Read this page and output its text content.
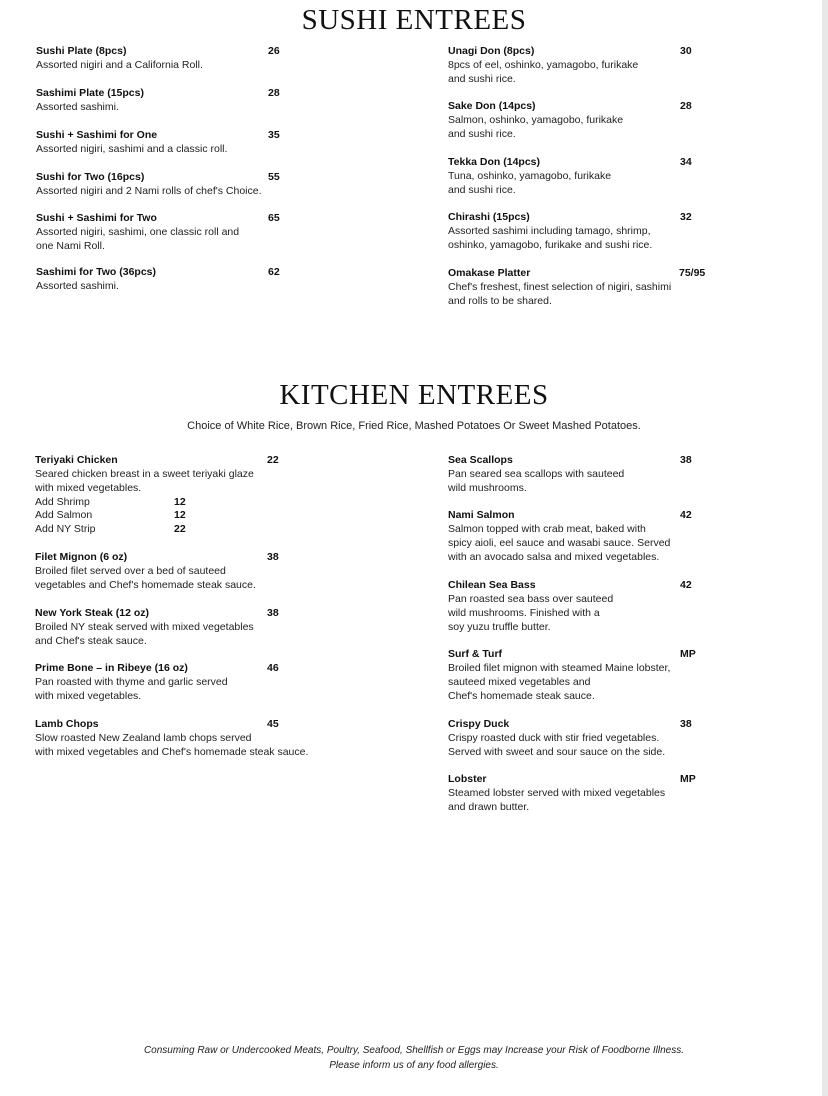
SUSHI ENTREES
Sushi Plate (8pcs)
Assorted nigiri and a California Roll.
26
Sashimi Plate (15pcs)
Assorted sashimi.
28
Sushi + Sashimi for One
Assorted nigiri, sashimi and a classic roll.
35
Sushi for Two (16pcs)
Assorted nigiri and 2 Nami rolls of chef's Choice.
55
Sushi + Sashimi for Two
Assorted nigiri, sashimi, one classic roll and
one Nami Roll.
65
Sashimi for Two (36pcs)
Assorted sashimi.
62
Unagi Don (8pcs)
8pcs of eel, oshinko, yamagobo, furikake
and sushi rice.
30
Sake Don (14pcs)
Salmon, oshinko, yamagobo, furikake
and sushi rice.
28
Tekka Don (14pcs)
Tuna, oshinko, yamagobo, furikake
and sushi rice.
34
Chirashi (15pcs)
Assorted sashimi including tamago, shrimp,
oshinko, yamagobo, furikake and sushi rice.
32
Omakase Platter
Chef's freshest, finest selection of nigiri, sashimi
and rolls to be shared.
75/95
KITCHEN ENTREES
Choice of White Rice, Brown Rice, Fried Rice, Mashed Potatoes Or Sweet Mashed Potatoes.
Teriyaki Chicken
Seared chicken breast in a sweet teriyaki glaze
with mixed vegetables.
22
Add Shrimp	12
Add Salmon	12
Add NY Strip	22
Filet Mignon (6 oz)
Broiled filet served over a bed of sauteed
vegetables and Chef's homemade steak sauce.
38
New York Steak (12 oz)
Broiled NY steak served with mixed vegetables
and Chef's steak sauce.
38
Prime Bone – in Ribeye (16 oz)
Pan roasted with thyme and garlic served
with mixed vegetables.
46
Lamb Chops
Slow roasted New Zealand lamb chops served
with mixed vegetables and Chef's homemade steak sauce.
45
Sea Scallops
Pan seared sea scallops with sauteed
wild mushrooms.
38
Nami Salmon
Salmon topped with crab meat, baked with
spicy aioli, eel sauce and wasabi sauce. Served
with an avocado salsa and mixed vegetables.
42
Chilean Sea Bass
Pan roasted sea bass over sauteed
wild mushrooms. Finished with a
soy yuzu truffle butter.
42
Surf & Turf
Broiled filet mignon with steamed Maine lobster,
sauteed mixed vegetables and
Chef's homemade steak sauce.
MP
Crispy Duck
Crispy roasted duck with stir fried vegetables.
Served with sweet and sour sauce on the side.
38
Lobster
Steamed lobster served with mixed vegetables
and drawn butter.
MP
Consuming Raw or Undercooked Meats, Poultry, Seafood, Shellfish or Eggs may Increase your Risk of Foodborne Illness.
Please inform us of any food allergies.
